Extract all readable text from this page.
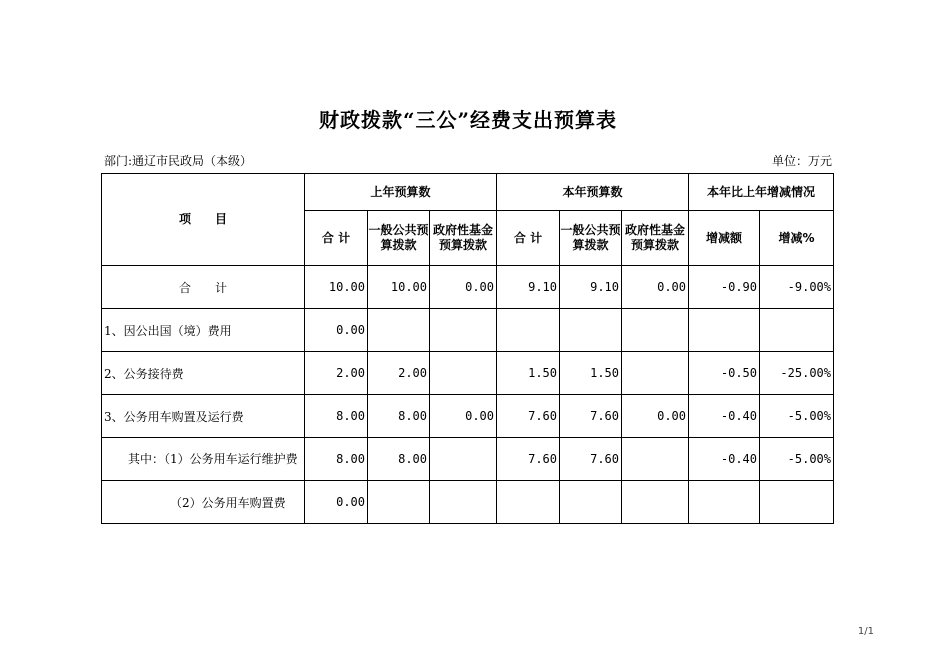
财政拨款“三公”经费支出预算表
部门:通辽市民政局（本级）	单位：万元
项　　目	上年预算数			本年预算数			本年比上年增减情况	
	合 计	一般公共预算拨款	政府性基金预算拨款	合 计	一般公共预算拨款	政府性基金预算拨款	增减额	增减%
合　　计	10.00	10.00	0.00	9.10	9.10	0.00	-0.90	-9.00%
1、因公出国（境）费用	0.00							
2、公务接待费	2.00	2.00		1.50	1.50		-0.50	-25.00%
3、公务用车购置及运行费	8.00	8.00	0.00	7.60	7.60	0.00	-0.40	-5.00%
　　其中：（1）公务用车运行维护费	8.00	8.00		7.60	7.60		-0.40	-5.00%
（2）公务用车购置费	0.00							
1/1
